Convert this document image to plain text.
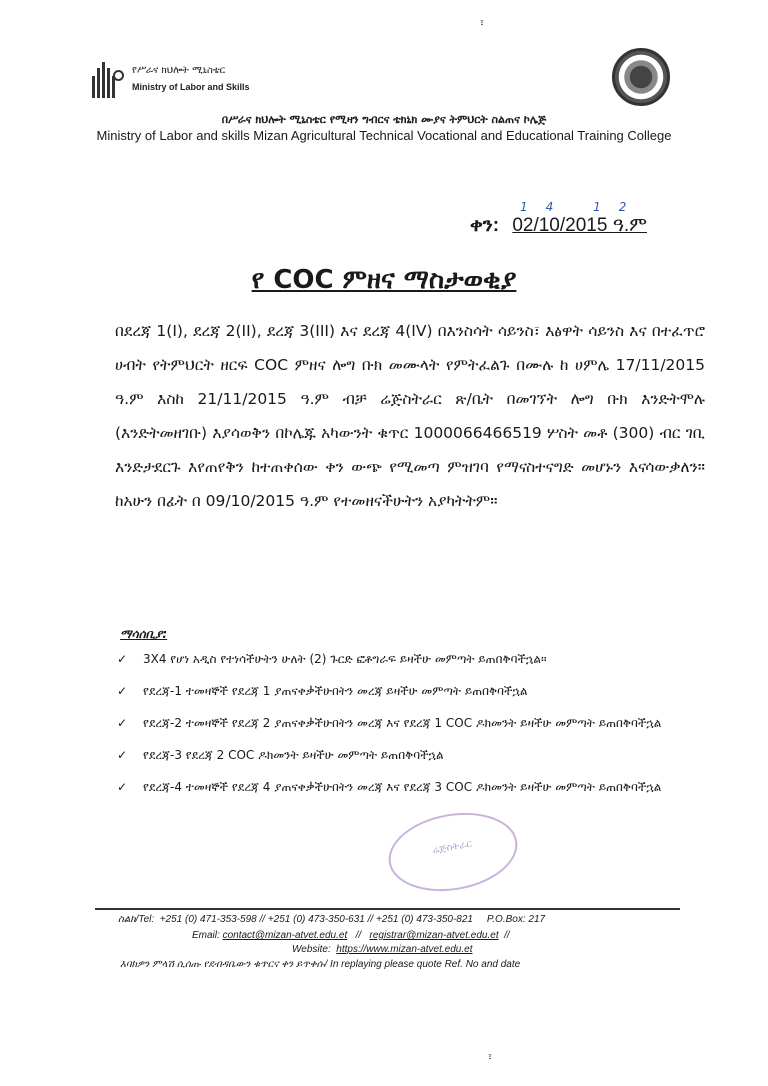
፣
የሥራና ክህሎት ሚኒስቴር
Ministry of Labor and Skills
በሥራና ክህሎት ሚኒስቴር የሚዛን ግብርና ቴክኒክ ሙያና ትምህርት ስልጠና ኮሌጅ
Ministry of Labor and skills Mizan Agricultural Technical Vocational and Educational Training College
14 12
ቀን: 02/10/2015 ዓ.ም
የ COC ምዘና ማስታወቂያ
በደረጃ 1(I), ደረጃ 2(II), ደረጃ 3(III) እና ደረጃ 4(IV) በእንስሳት ሳይንስ፣ እፅዋት ሳይንስ እና በተፈጥሮ ሀብት የትምህርት ዘርፍ COC ምዘና ሎግ ቡክ መሙላት የምትፈልጉ በሙሉ ከ ሀምሌ 17/11/2015 ዓ.ም እስከ 21/11/2015 ዓ.ም ብቻ ሬጅስትራር ጽ/ቤት በመገኘት ሎግ ቡክ እንድትሞሉ (እንድትመዘገቡ) እያሳወቅን በኮሌጁ አካውንት ቁጥር 1000066466519 ሦስት መቶ (300) ብር ገቢ እንድታደርጉ እየጠየቅን ከተጠቀሰው ቀን ውጭ የሚመጣ ምዝገባ የማናስተናግድ መሆኑን እናሳውቃለን። ከአሁን በፊት በ 09/10/2015 ዓ.ም የተመዘናችሁትን አያካትትም።
ማሳሰቢያ:
✓ 3X4 የሆነ አዲስ የተነሳችሁትን ሁለት (2) ጉርድ ፎቶግራፍ ይዛችሁ መምጣት ይጠበቅባችኋል።
✓ የደረጃ-1 ተመዛኞች የደረጃ 1 ያጠናቀቃችሁበትን መረጃ ይዛችሁ መምጣት ይጠበቅባችኋል
✓ የደረጃ-2 ተመዛኞች የደረጃ 2 ያጠናቀቃችሁበትን መረጃ እና የደረጃ 1 COC ዶክመንት ይዛችሁ መምጣት ይጠበቅባችኋል
✓ የደረጃ-3 የደረጃ 2 COC ዶክመንት ይዛችሁ መምጣት ይጠበቅባችኋል
✓ የደረጃ-4 ተመዛኞች የደረጃ 4 ያጠናቀቃችሁበትን መረጃ እና የደረጃ 3 COC ዶክመንት ይዛችሁ መምጣት ይጠበቅባችኋል
ሬጅስትራር
ስልክ/Tel: +251 (0) 471-353-598 // +251 (0) 473-350-631 // +251 (0) 473-350-821 P.O.Box: 217
Email: contact@mizan-atvet.edu.et // registrar@mizan-atvet.edu.et //
Website: https://www.mizan-atvet.edu.et
እባክዎን ምላሽ ሲሰጡ የደብዳቤውን ቁጥርና ቀን ይጥቀሱ/ In replaying please quote Ref. No and date
፣
